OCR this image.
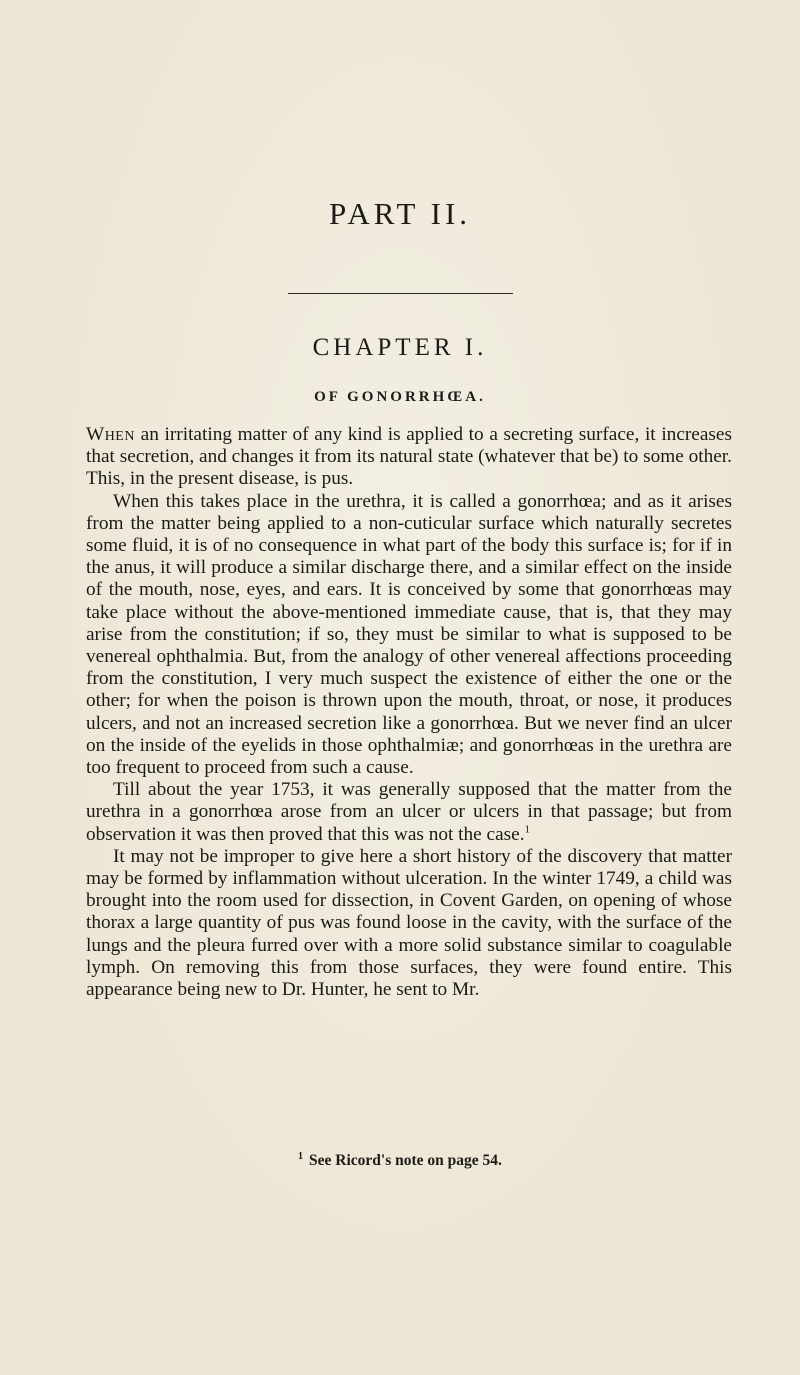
PART II.
CHAPTER I.
OF GONORRHŒA.

When an irritating matter of any kind is applied to a secreting surface, it increases that secretion, and changes it from its natural state (whatever that be) to some other. This, in the present disease, is pus.

When this takes place in the urethra, it is called a gonorrhœa; and as it arises from the matter being applied to a non-cuticular surface which naturally secretes some fluid, it is of no consequence in what part of the body this surface is; for if in the anus, it will produce a similar discharge there, and a similar effect on the inside of the mouth, nose, eyes, and ears. It is conceived by some that gonorrhœas may take place without the above-mentioned immediate cause, that is, that they may arise from the constitution; if so, they must be similar to what is supposed to be venereal ophthalmia. But, from the analogy of other venereal affections proceeding from the constitution, I very much suspect the existence of either the one or the other; for when the poison is thrown upon the mouth, throat, or nose, it produces ulcers, and not an increased secretion like a gonorrhœa. But we never find an ulcer on the inside of the eyelids in those ophthalmiæ; and gonorrhœas in the urethra are too frequent to proceed from such a cause.

Till about the year 1753, it was generally supposed that the matter from the urethra in a gonorrhœa arose from an ulcer or ulcers in that passage; but from observation it was then proved that this was not the case.$^1$

It may not be improper to give here a short history of the discovery that matter may be formed by inflammation without ulceration. In the winter 1749, a child was brought into the room used for dissection, in Covent Garden, on opening of whose thorax a large quantity of pus was found loose in the cavity, with the surface of the lungs and the pleura furred over with a more solid substance similar to coagulable lymph. On removing this from those surfaces, they were found entire. This appearance being new to Dr. Hunter, he sent to Mr.

$^1$ See Ricord's note on page 54.
